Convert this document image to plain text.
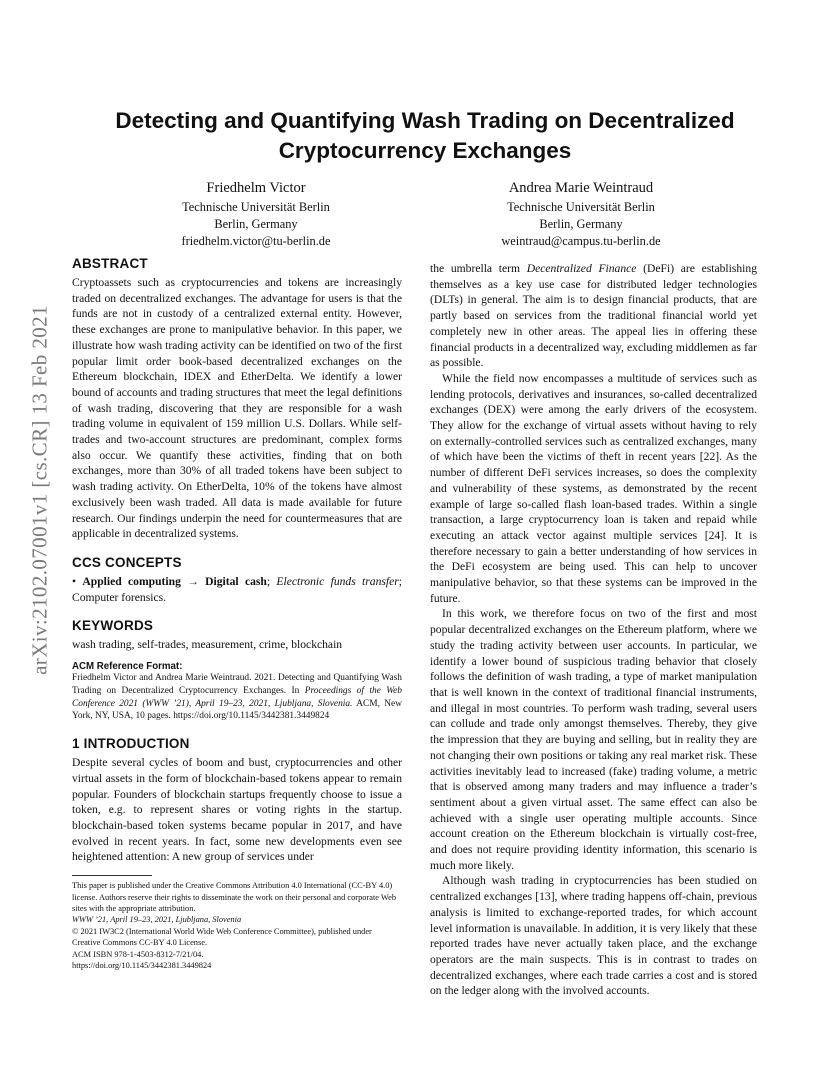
arXiv:2102.07001v1 [cs.CR] 13 Feb 2021
Detecting and Quantifying Wash Trading on Decentralized Cryptocurrency Exchanges
Friedhelm Victor
Technische Universität Berlin
Berlin, Germany
friedhelm.victor@tu-berlin.de
Andrea Marie Weintraud
Technische Universität Berlin
Berlin, Germany
weintraud@campus.tu-berlin.de
ABSTRACT

Cryptoassets such as cryptocurrencies and tokens are increasingly traded on decentralized exchanges. The advantage for users is that the funds are not in custody of a centralized external entity. However, these exchanges are prone to manipulative behavior. In this paper, we illustrate how wash trading activity can be identified on two of the first popular limit order book-based decentralized exchanges on the Ethereum blockchain, IDEX and EtherDelta. We identify a lower bound of accounts and trading structures that meet the legal definitions of wash trading, discovering that they are responsible for a wash trading volume in equivalent of 159 million U.S. Dollars. While self-trades and two-account structures are predominant, complex forms also occur. We quantify these activities, finding that on both exchanges, more than 30% of all traded tokens have been subject to wash trading activity. On EtherDelta, 10% of the tokens have almost exclusively been wash traded. All data is made available for future research. Our findings underpin the need for countermeasures that are applicable in decentralized systems.

CCS CONCEPTS

• Applied computing → Digital cash; Electronic funds transfer; Computer forensics.

KEYWORDS

wash trading, self-trades, measurement, crime, blockchain

ACM Reference Format:

Friedhelm Victor and Andrea Marie Weintraud. 2021. Detecting and Quantifying Wash Trading on Decentralized Cryptocurrency Exchanges. In Proceedings of the Web Conference 2021 (WWW ’21), April 19–23, 2021, Ljubljana, Slovenia. ACM, New York, NY, USA, 10 pages. https://doi.org/10.1145/3442381.3449824

1 INTRODUCTION

Despite several cycles of boom and bust, cryptocurrencies and other virtual assets in the form of blockchain-based tokens appear to remain popular. Founders of blockchain startups frequently choose to issue a token, e.g. to represent shares or voting rights in the startup. blockchain-based token systems became popular in 2017, and have evolved in recent years. In fact, some new developments even see heightened attention: A new group of services under

This paper is published under the Creative Commons Attribution 4.0 International (CC-BY 4.0) license. Authors reserve their rights to disseminate the work on their personal and corporate Web sites with the appropriate attribution.

WWW ’21, April 19–23, 2021, Ljubljana, Slovenia

© 2021 IW3C2 (International World Wide Web Conference Committee), published under Creative Commons CC-BY 4.0 License.

ACM ISBN 978-1-4503-8312-7/21/04.

https://doi.org/10.1145/3442381.3449824

the umbrella term Decentralized Finance (DeFi) are establishing themselves as a key use case for distributed ledger technologies (DLTs) in general. The aim is to design financial products, that are partly based on services from the traditional financial world yet completely new in other areas. The appeal lies in offering these financial products in a decentralized way, excluding middlemen as far as possible.

While the field now encompasses a multitude of services such as lending protocols, derivatives and insurances, so-called decentralized exchanges (DEX) were among the early drivers of the ecosystem. They allow for the exchange of virtual assets without having to rely on externally-controlled services such as centralized exchanges, many of which have been the victims of theft in recent years [22]. As the number of different DeFi services increases, so does the complexity and vulnerability of these systems, as demonstrated by the recent example of large so-called flash loan-based trades. Within a single transaction, a large cryptocurrency loan is taken and repaid while executing an attack vector against multiple services [24]. It is therefore necessary to gain a better understanding of how services in the DeFi ecosystem are being used. This can help to uncover manipulative behavior, so that these systems can be improved in the future.

In this work, we therefore focus on two of the first and most popular decentralized exchanges on the Ethereum platform, where we study the trading activity between user accounts. In particular, we identify a lower bound of suspicious trading behavior that closely follows the definition of wash trading, a type of market manipulation that is well known in the context of traditional financial instruments, and illegal in most countries. To perform wash trading, several users can collude and trade only amongst themselves. Thereby, they give the impression that they are buying and selling, but in reality they are not changing their own positions or taking any real market risk. These activities inevitably lead to increased (fake) trading volume, a metric that is observed among many traders and may influence a trader’s sentiment about a given virtual asset. The same effect can also be achieved with a single user operating multiple accounts. Since account creation on the Ethereum blockchain is virtually cost-free, and does not require providing identity information, this scenario is much more likely.

Although wash trading in cryptocurrencies has been studied on centralized exchanges [13], where trading happens off-chain, previous analysis is limited to exchange-reported trades, for which account level information is unavailable. In addition, it is very likely that these reported trades have never actually taken place, and the exchange operators are the main suspects. This is in contrast to trades on decentralized exchanges, where each trade carries a cost and is stored on the ledger along with the involved accounts.
